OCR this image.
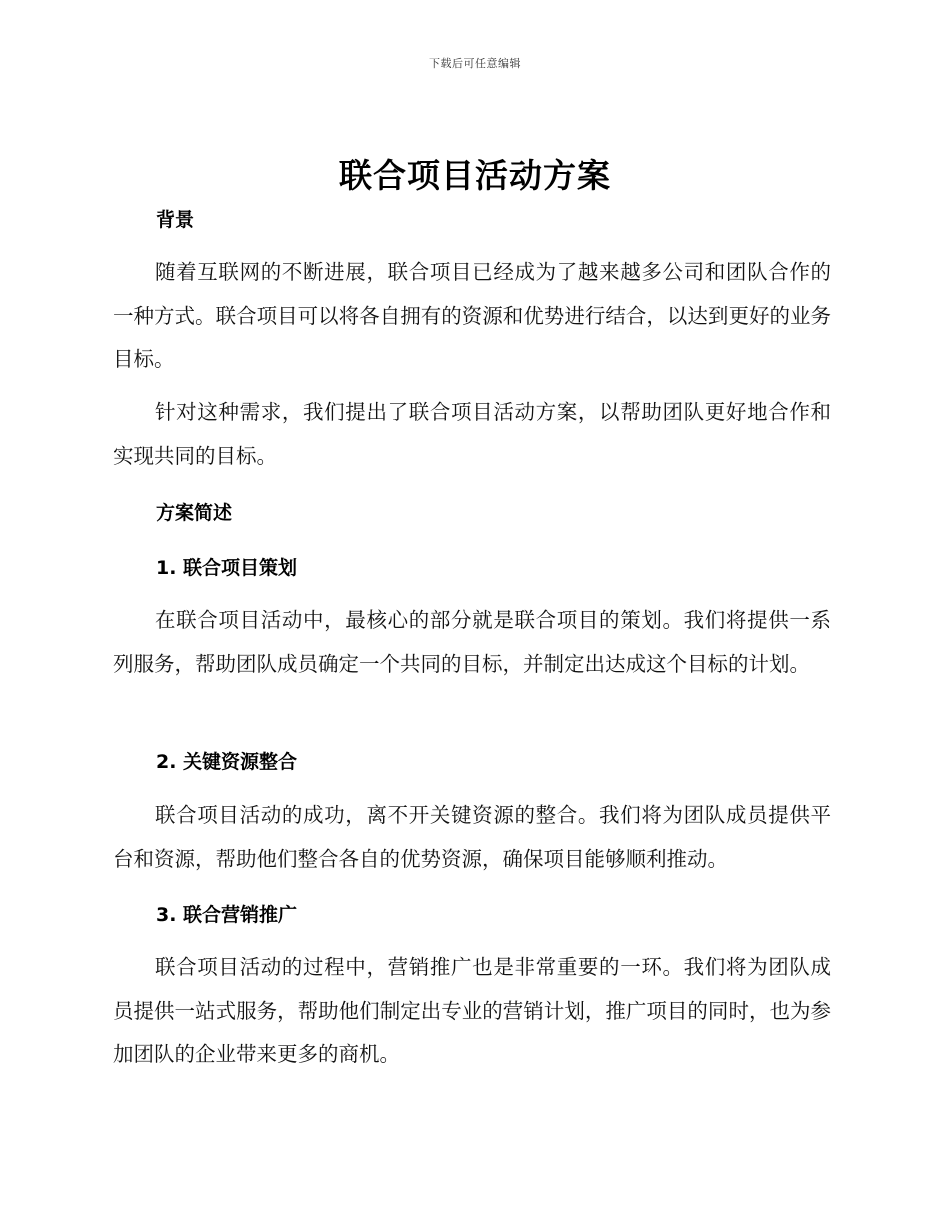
下载后可任意编辑
联合项目活动方案
背景

随着互联网的不断进展，联合项目已经成为了越来越多公司和团队合作的一种方式。联合项目可以将各自拥有的资源和优势进行结合，以达到更好的业务目标。

针对这种需求，我们提出了联合项目活动方案，以帮助团队更好地合作和实现共同的目标。

方案简述
1. 联合项目策划

在联合项目活动中，最核心的部分就是联合项目的策划。我们将提供一系列服务，帮助团队成员确定一个共同的目标，并制定出达成这个目标的计划。

2. 关键资源整合

联合项目活动的成功，离不开关键资源的整合。我们将为团队成员提供平台和资源，帮助他们整合各自的优势资源，确保项目能够顺利推动。

3. 联合营销推广

联合项目活动的过程中，营销推广也是非常重要的一环。我们将为团队成员提供一站式服务，帮助他们制定出专业的营销计划，推广项目的同时，也为参加团队的企业带来更多的商机。
